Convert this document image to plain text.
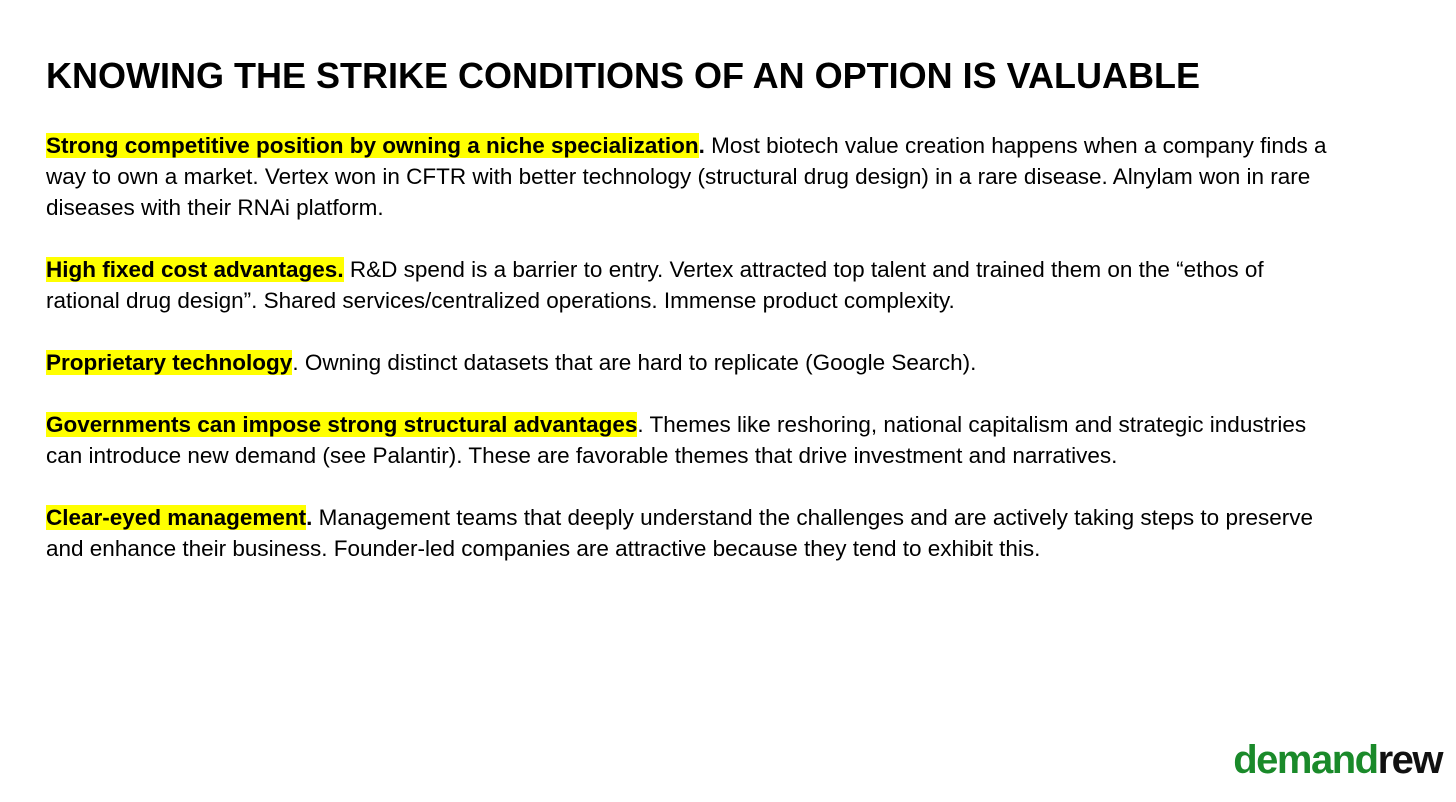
KNOWING THE STRIKE CONDITIONS OF AN OPTION IS VALUABLE

Strong competitive position by owning a niche specialization. Most biotech value creation happens when a company finds a way to own a market. Vertex won in CFTR with better technology (structural drug design) in a rare disease. Alnylam won in rare diseases with their RNAi platform.

High fixed cost advantages. R&D spend is a barrier to entry. Vertex attracted top talent and trained them on the “ethos of rational drug design”. Shared services/centralized operations. Immense product complexity.

Proprietary technology. Owning distinct datasets that are hard to replicate (Google Search).

Governments can impose strong structural advantages. Themes like reshoring, national capitalism and strategic industries can introduce new demand (see Palantir). These are favorable themes that drive investment and narratives.

Clear-eyed management. Management teams that deeply understand the challenges and are actively taking steps to preserve and enhance their business. Founder-led companies are attractive because they tend to exhibit this.

demandrew
